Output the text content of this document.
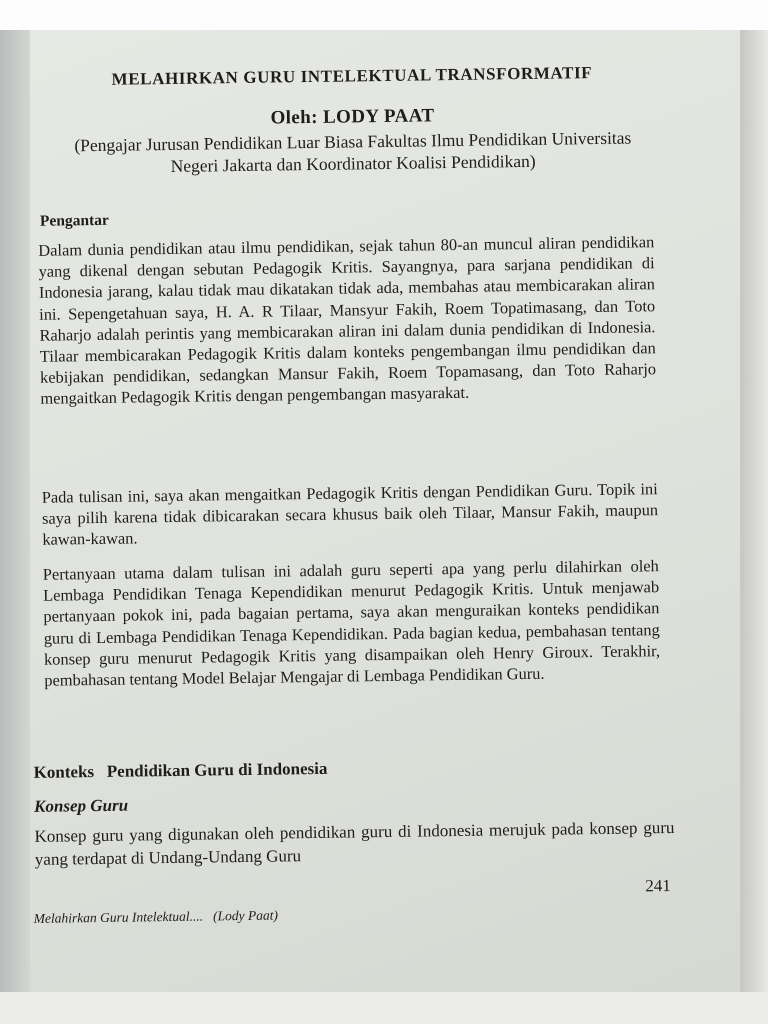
MELAHIRKAN GURU INTELEKTUAL TRANSFORMATIF
Oleh: LODY PAAT
(Pengajar Jurusan Pendidikan Luar Biasa Fakultas Ilmu Pendidikan Universitas Negeri Jakarta dan Koordinator Koalisi Pendidikan)
Pengantar
Dalam dunia pendidikan atau ilmu pendidikan, sejak tahun 80-an muncul aliran pendidikan yang dikenal dengan sebutan Pedagogik Kritis. Sayangnya, para sarjana pendidikan di Indonesia jarang, kalau tidak mau dikatakan tidak ada, membahas atau membicarakan aliran ini. Sepengetahuan saya, H. A. R Tilaar, Mansyur Fakih, Roem Topatimasang, dan Toto Raharjo adalah perintis yang membicarakan aliran ini dalam dunia pendidikan di Indonesia. Tilaar membicarakan Pedagogik Kritis dalam konteks pengembangan ilmu pendidikan dan kebijakan pendidikan, sedangkan Mansur Fakih, Roem Topamasang, dan Toto Raharjo mengaitkan Pedagogik Kritis dengan pengembangan masyarakat.
Pada tulisan ini, saya akan mengaitkan Pedagogik Kritis dengan Pendidikan Guru. Topik ini saya pilih karena tidak dibicarakan secara khusus baik oleh Tilaar, Mansur Fakih, maupun kawan-kawan.
Pertanyaan utama dalam tulisan ini adalah guru seperti apa yang perlu dilahirkan oleh Lembaga Pendidikan Tenaga Kependidikan menurut Pedagogik Kritis. Untuk menjawab pertanyaan pokok ini, pada bagaian pertama, saya akan menguraikan konteks pendidikan guru di Lembaga Pendidikan Tenaga Kependidikan. Pada bagian kedua, pembahasan tentang konsep guru menurut Pedagogik Kritis yang disampaikan oleh Henry Giroux. Terakhir, pembahasan tentang Model Belajar Mengajar di Lembaga Pendidikan Guru.
Konteks   Pendidikan Guru di Indonesia
Konsep Guru
Konsep guru yang digunakan oleh pendidikan guru di Indonesia merujuk pada konsep guru yang terdapat di Undang-Undang Guru
241
Melahirkan Guru Intelektual.... (Lody Paat)
